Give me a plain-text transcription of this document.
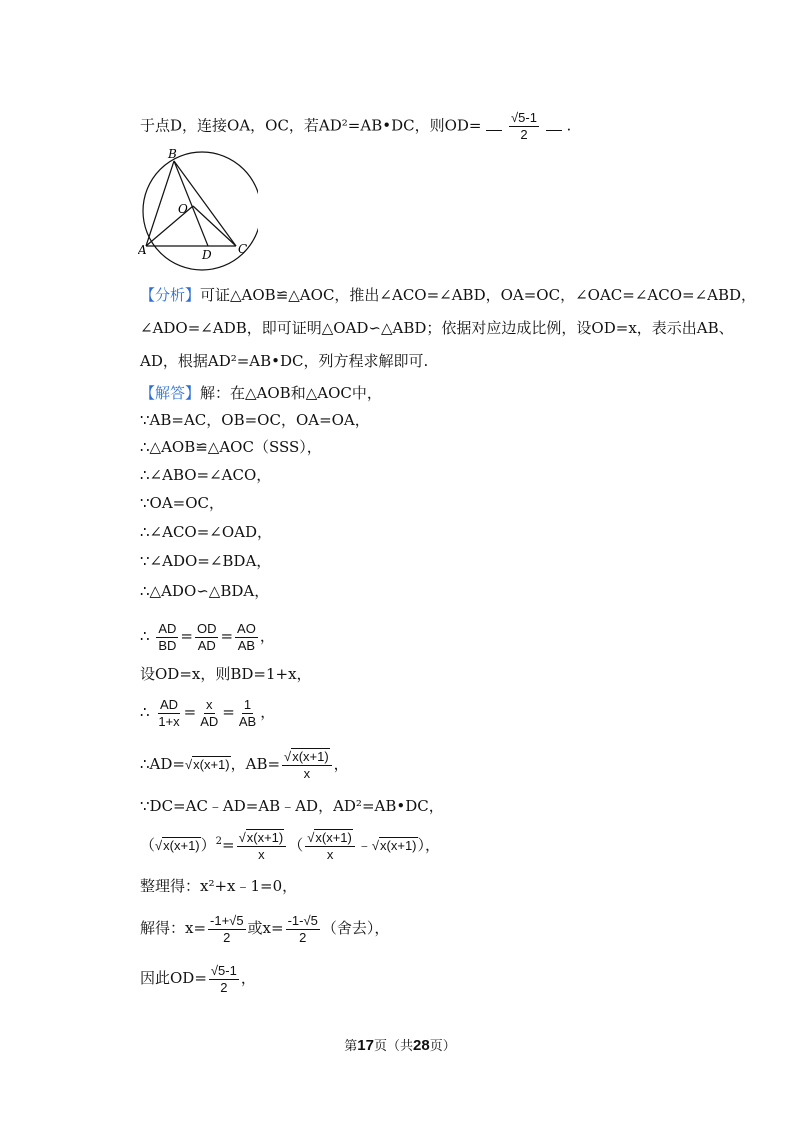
于点D，连接OA，OC，若AD²=AB•DC，则$OD= \frac{√5-1}{2}$ .
B
O
A	D C
【分析】可证△AOB≌△AOC，推出∠ACO=∠ABD，OA=OC，∠OAC=∠ACO=∠ABD，
∠ADO=∠ADB，即可证明△OAD∽△ABD；依据对应边成比例，设OD=x，表示出AB、
AD，根据AD²=AB•DC，列方程求解即可.
【解答】解：在△AOB和△AOC中，
∵AB=AC，OB=OC，OA=OA，
∴△AOB≌△AOC（SSS），
∴∠ABO=∠ACO，
∵OA=OC，
∴∠ACO=∠OAD，
∵∠ADO=∠BDA，
∴△ADO∽△BDA，
∴ $\frac{AD}{BD} = \frac{OD}{AD} = \frac{AO}{AB}$ ，
设OD=x，则BD=1+x，
∴ $\frac{AD}{1+x} = \frac{x}{AD} = \frac{1}{AB}$ ，
∴AD=√x(x+1)，$AB= \frac{√x(x+1)}{x}$ ，
∵DC=AC﹣AD=AB﹣AD，AD²=AB•DC，
$(√x(x+1))^2= \frac{√x(x+1)}{x}$ （ $\frac{√x(x+1)}{x}$ ﹣√x(x+1)），
整理得：x²+x﹣1=0，
解得：$x= \frac{-1+√5}{2}$ 或$x= \frac{-1-√5}{2}$ （舍去），
因此$OD= \frac{√5-1}{2}$ ，
第17页（共28页）
